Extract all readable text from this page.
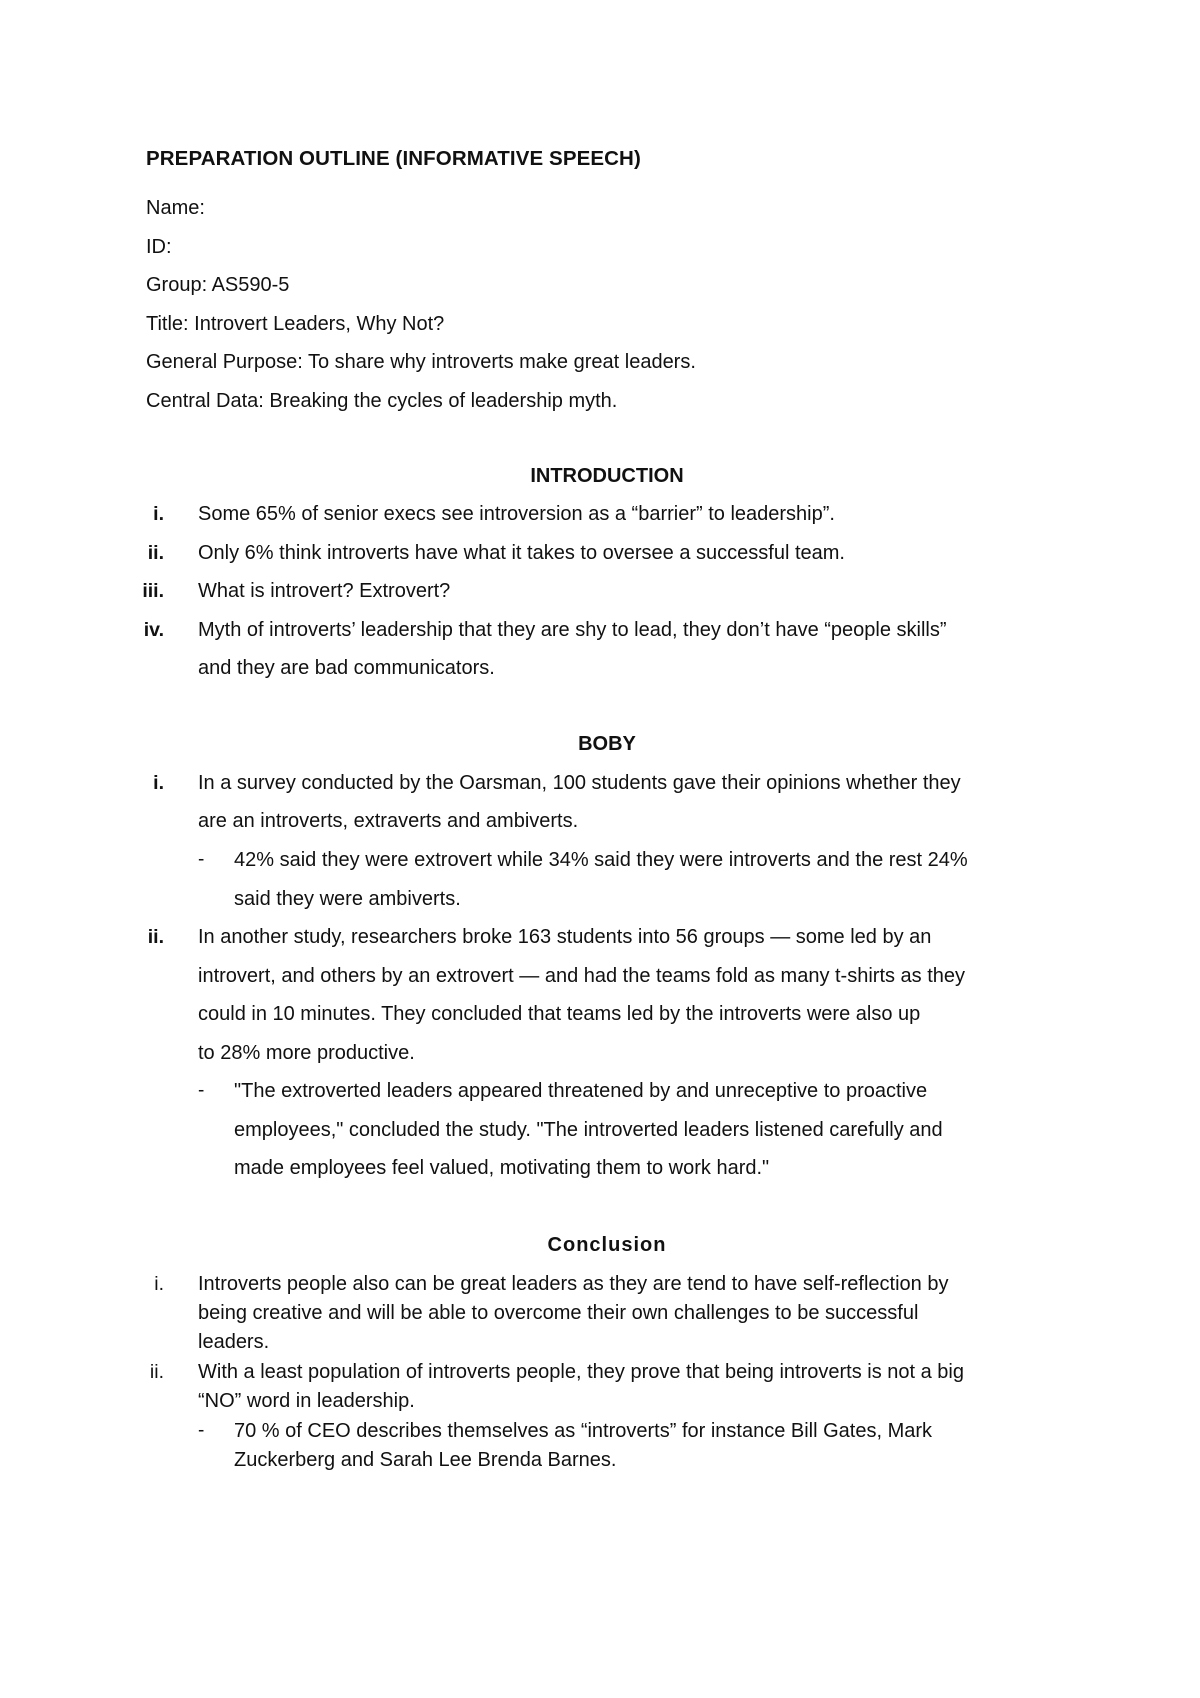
PREPARATION OUTLINE (INFORMATIVE SPEECH)
Name:
ID:
Group: AS590-5
Title: Introvert Leaders, Why Not?
General Purpose: To share why introverts make great leaders.
Central Data: Breaking the cycles of leadership myth.
INTRODUCTION
i. Some 65% of senior execs see introversion as a “barrier” to leadership”.
ii. Only 6% think introverts have what it takes to oversee a successful team.
iii. What is introvert? Extrovert?
iv. Myth of introverts’ leadership that they are shy to lead, they don’t have “people skills”
and they are bad communicators.
BOBY
i. In a survey conducted by the Oarsman, 100 students gave their opinions whether they
are an introverts, extraverts and ambiverts.
- 42% said they were extrovert while 34% said they were introverts and the rest 24%
said they were ambiverts.
ii. In another study, researchers broke 163 students into 56 groups — some led by an
introvert, and others by an extrovert — and had the teams fold as many t-shirts as they
could in 10 minutes. They concluded that teams led by the introverts were also up
to 28% more productive.
- "The extroverted leaders appeared threatened by and unreceptive to proactive
employees," concluded the study. "The introverted leaders listened carefully and
made employees feel valued, motivating them to work hard."
Conclusion
i. Introverts people also can be great leaders as they are tend to have self-reflection by
being creative and will be able to overcome their own challenges to be successful
leaders.
ii. With a least population of introverts people, they prove that being introverts is not a big
“NO” word in leadership.
- 70 % of CEO describes themselves as “introverts” for instance Bill Gates, Mark
Zuckerberg and Sarah Lee Brenda Barnes.
